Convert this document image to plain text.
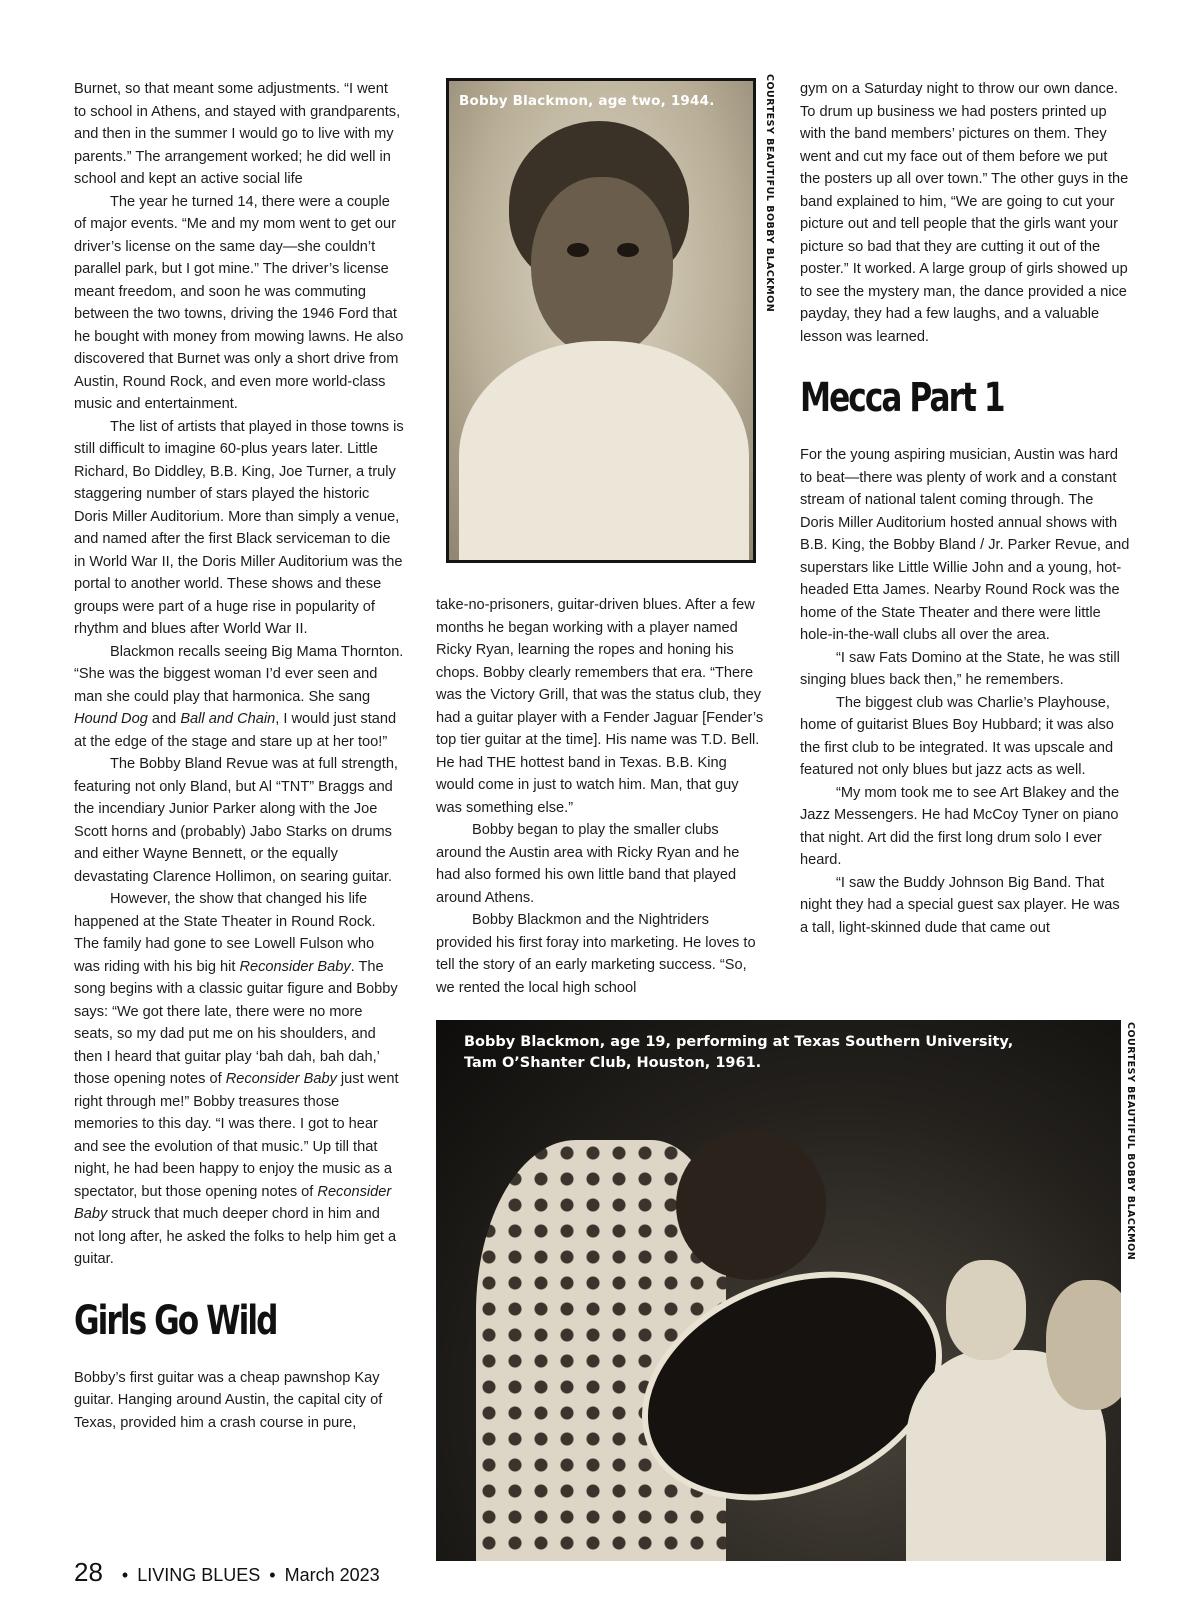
Burnet, so that meant some adjustments. “I went to school in Athens, and stayed with grandparents, and then in the summer I would go to live with my parents.” The arrangement worked; he did well in school and kept an active social life

The year he turned 14, there were a couple of major events. “Me and my mom went to get our driver’s license on the same day—she couldn’t parallel park, but I got mine.” The driver’s license meant freedom, and soon he was commuting between the two towns, driving the 1946 Ford that he bought with money from mowing lawns. He also discovered that Burnet was only a short drive from Austin, Round Rock, and even more world-class music and entertainment.

The list of artists that played in those towns is still difficult to imagine 60-plus years later. Little Richard, Bo Diddley, B.B. King, Joe Turner, a truly staggering number of stars played the historic Doris Miller Auditorium. More than simply a venue, and named after the first Black serviceman to die in World War II, the Doris Miller Auditorium was the portal to another world. These shows and these groups were part of a huge rise in popularity of rhythm and blues after World War II.

Blackmon recalls seeing Big Mama Thornton. “She was the biggest woman I’d ever seen and man she could play that harmonica. She sang Hound Dog and Ball and Chain, I would just stand at the edge of the stage and stare up at her too!”

The Bobby Bland Revue was at full strength, featuring not only Bland, but Al “TNT” Braggs and the incendiary Junior Parker along with the Joe Scott horns and (probably) Jabo Starks on drums and either Wayne Bennett, or the equally devastating Clarence Hollimon, on searing guitar.

However, the show that changed his life happened at the State Theater in Round Rock. The family had gone to see Lowell Fulson who was riding with his big hit Reconsider Baby. The song begins with a classic guitar figure and Bobby says: “We got there late, there were no more seats, so my dad put me on his shoulders, and then I heard that guitar play ‘bah dah, bah dah,’ those opening notes of Reconsider Baby just went right through me!” Bobby treasures those memories to this day. “I was there. I got to hear and see the evolution of that music.” Up till that night, he had been happy to enjoy the music as a spectator, but those opening notes of Reconsider Baby struck that much deeper chord in him and not long after, he asked the folks to help him get a guitar.

Girls Go Wild

Bobby’s first guitar was a cheap pawnshop Kay guitar. Hanging around Austin, the capital city of Texas, provided him a crash course in pure,

Bobby Blackmon, age two, 1944.	COURTESY BEAUTIFUL BOBBY BLACKMON

take-no-prisoners, guitar-driven blues. After a few months he began working with a player named Ricky Ryan, learning the ropes and honing his chops. Bobby clearly remembers that era. “There was the Victory Grill, that was the status club, they had a guitar player with a Fender Jaguar [Fender’s top tier guitar at the time]. His name was T.D. Bell. He had THE hottest band in Texas. B.B. King would come in just to watch him. Man, that guy was something else.”

Bobby began to play the smaller clubs around the Austin area with Ricky Ryan and he had also formed his own little band that played around Athens.

Bobby Blackmon and the Nightriders provided his first foray into marketing. He loves to tell the story of an early marketing success. “So, we rented the local high school

gym on a Saturday night to throw our own dance. To drum up business we had posters printed up with the band members’ pictures on them. They went and cut my face out of them before we put the posters up all over town.” The other guys in the band explained to him, “We are going to cut your picture out and tell people that the girls want your picture so bad that they are cutting it out of the poster.” It worked. A large group of girls showed up to see the mystery man, the dance provided a nice payday, they had a few laughs, and a valuable lesson was learned.

Mecca Part 1

For the young aspiring musician, Austin was hard to beat—there was plenty of work and a constant stream of national talent coming through. The Doris Miller Auditorium hosted annual shows with B.B. King, the Bobby Bland / Jr. Parker Revue, and superstars like Little Willie John and a young, hot-headed Etta James. Nearby Round Rock was the home of the State Theater and there were little hole-in-the-wall clubs all over the area.

“I saw Fats Domino at the State, he was still singing blues back then,” he remembers.

The biggest club was Charlie’s Playhouse, home of guitarist Blues Boy Hubbard; it was also the first club to be integrated. It was upscale and featured not only blues but jazz acts as well.

“My mom took me to see Art Blakey and the Jazz Messengers. He had McCoy Tyner on piano that night. Art did the first long drum solo I ever heard.

“I saw the Buddy Johnson Big Band. That night they had a special guest sax player. He was a tall, light-skinned dude that came out

Bobby Blackmon, age 19, performing at Texas Southern University,
Tam O’Shanter Club, Houston, 1961.	COURTESY BEAUTIFUL BOBBY BLACKMON
28 • LIVING BLUES • March 2023
